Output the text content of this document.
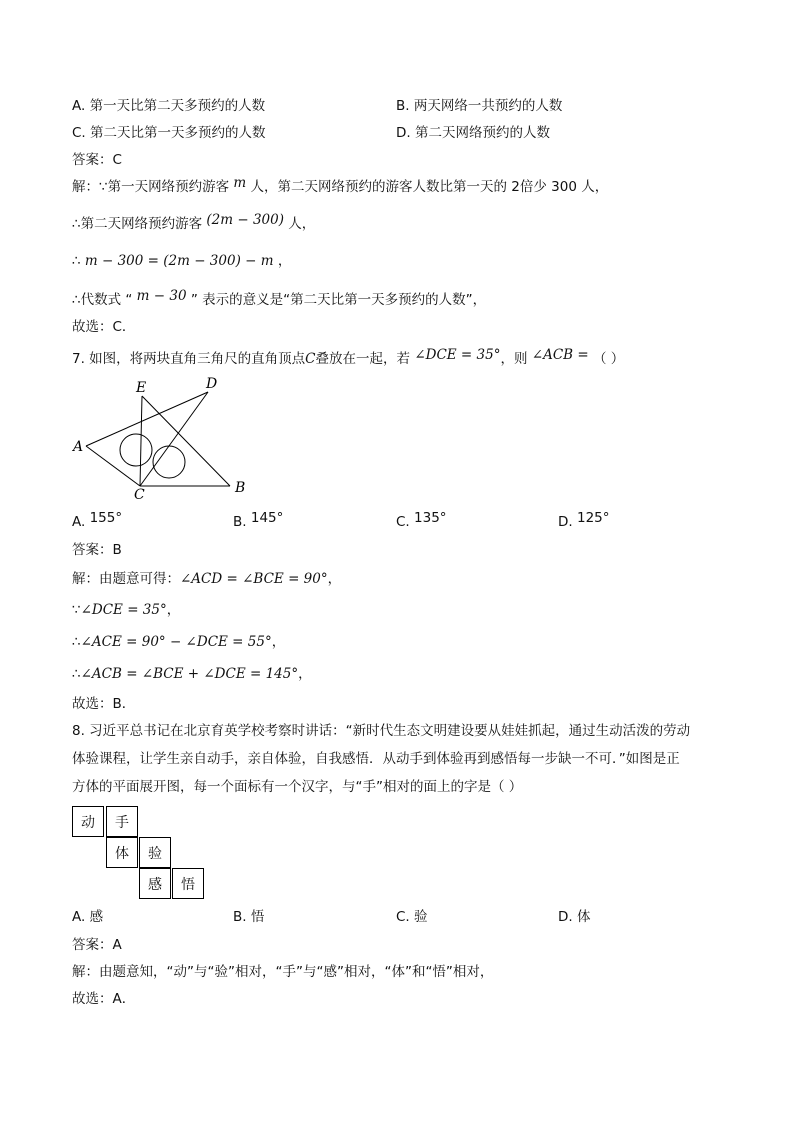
A. 第一天比第二天多预约的人数	B. 两天网络一共预约的人数
C. 第二天比第一天多预约的人数	D. 第二天网络预约的人数
答案：C
解：∵第一天网络预约游客 m 人，第二天网络预约的游客人数比第一天的 2倍少 300 人，
∴第二天网络预约游客 (2m − 300) 人，
∴ m − 300 = (2m − 300) − m ，
∴代数式 “ m − 30 ” 表示的意义是“第二天比第一天多预约的人数”，
故选：C．
7. 如图，将两块直角三角尺的直角顶点C叠放在一起，若 ∠DCE = 35°，则 ∠ACB = （ ）
A
B
C
D
E
A. 155°	B. 145°	C. 135°	D. 125°
答案：B
解：由题意可得：∠ACD = ∠BCE = 90°，
∵∠DCE = 35°，
∴∠ACE = 90° − ∠DCE = 55°，
∴∠ACB = ∠BCE + ∠DCE = 145°，
故选：B．
8. 习近平总书记在北京育英学校考察时讲话：“新时代生态文明建设要从娃娃抓起，通过生动活泼的劳动
体验课程，让学生亲自动手，亲自体验，自我感悟．从动手到体验再到感悟每一步缺一不可．”如图是正
方体的平面展开图，每一个面标有一个汉字，与“手”相对的面上的字是（ ）
动	手
体	验
感	悟
A. 感	B. 悟	C. 验	D. 体
答案：A
解：由题意知，“动”与“验”相对，“手”与“感”相对，“体”和“悟”相对，
故选：A．
